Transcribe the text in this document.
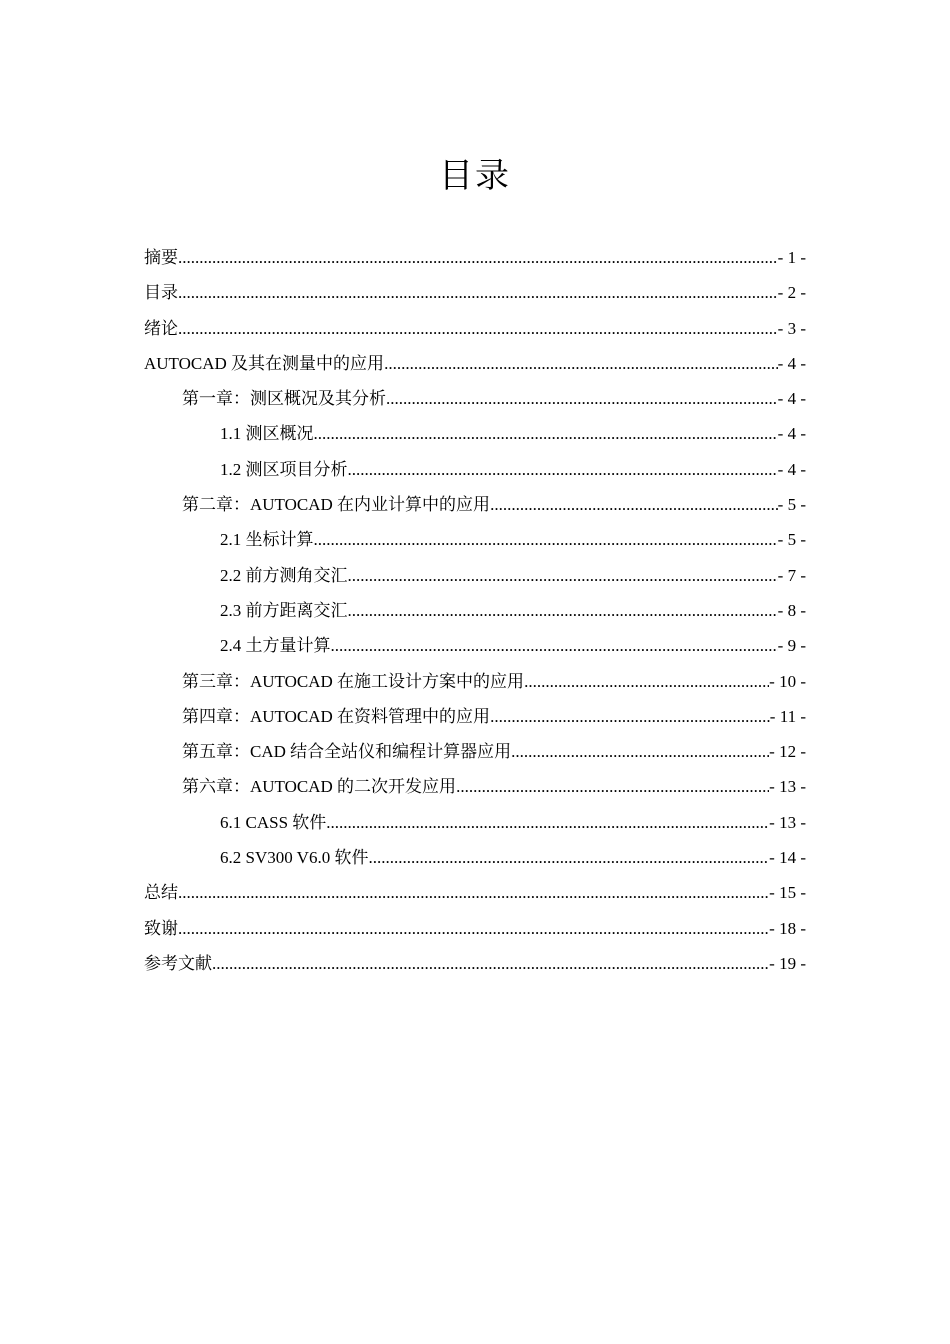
目录
摘要 .....	- 1 -
目录 .....	- 2 -
绪论 .....	- 3 -
AUTOCAD 及其在测量中的应用 .....	- 4 -
第一章：测区概况及其分析 .....	- 4 -
1.1 测区概况 .....	- 4 -
1.2 测区项目分析 .....	- 4 -
第二章：AUTOCAD 在内业计算中的应用 .....	- 5 -
2.1 坐标计算 .....	- 5 -
2.2 前方测角交汇 .....	- 7 -
2.3 前方距离交汇 .....	- 8 -
2.4 土方量计算 .....	- 9 -
第三章：AUTOCAD 在施工设计方案中的应用 .....	- 10 -
第四章：AUTOCAD 在资料管理中的应用 .....	- 11 -
第五章：CAD 结合全站仪和编程计算器应用 .....	- 12 -
第六章：AUTOCAD 的二次开发应用 .....	- 13 -
6.1 CASS 软件 .....	- 13 -
6.2 SV300 V6.0 软件 .....	- 14 -
总结 .....	- 15 -
致谢 .....	- 18 -
参考文献 .....	- 19 -
